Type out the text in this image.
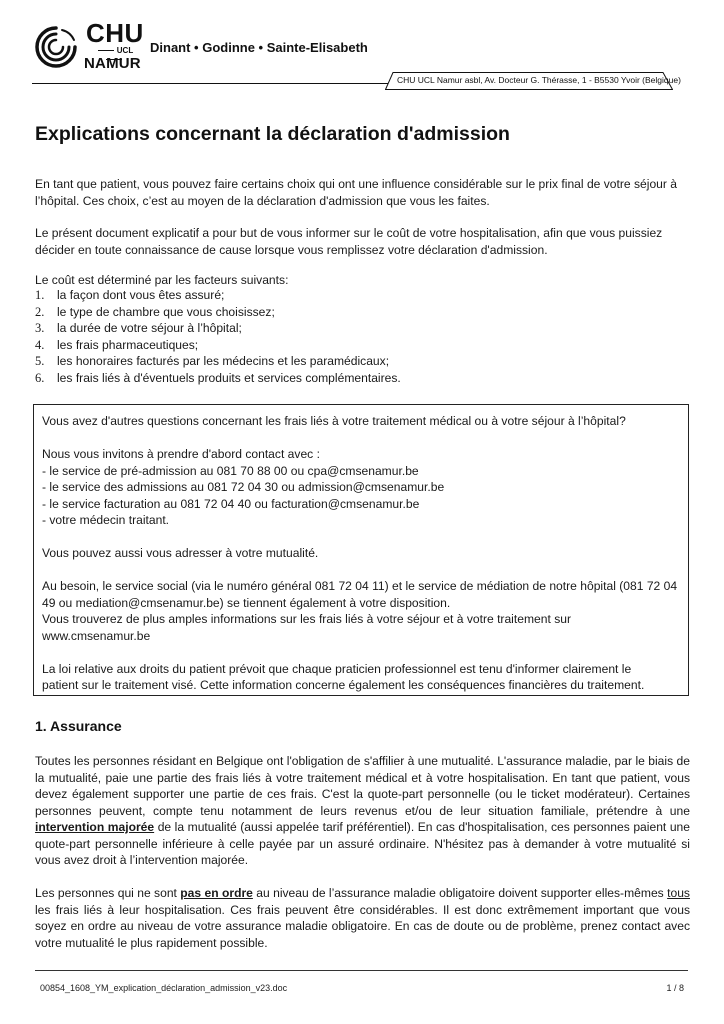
CHU
UCL
NAMUR
Dinant • Godinne • Sainte-Elisabeth
CHU UCL Namur asbl, Av. Docteur G. Thérasse, 1 - B5530 Yvoir (Belgique)
Explications concernant la déclaration d'admission

En tant que patient, vous pouvez faire certains choix qui ont une influence considérable sur le prix final de votre séjour à l’hôpital. Ces choix, c’est au moyen de la déclaration d'admission que vous les faites.

Le présent document explicatif a pour but de vous informer sur le coût de votre hospitalisation, afin que vous puissiez décider en toute connaissance de cause lorsque vous remplissez votre déclaration d'admission.

Le coût est déterminé par les facteurs suivants:

1. la façon dont vous êtes assuré;
2. le type de chambre que vous choisissez;
3. la durée de votre séjour à l’hôpital;
4. les frais pharmaceutiques;
5. les honoraires facturés par les médecins et les paramédicaux;
6. les frais liés à d'éventuels produits et services complémentaires.
Vous avez d'autres questions concernant les frais liés à votre traitement médical ou à votre séjour à l’hôpital?
Nous vous invitons à prendre d'abord contact avec :
- le service de pré-admission au 081 70 88 00 ou cpa@cmsenamur.be
- le service des admissions au 081 72 04 30 ou admission@cmsenamur.be
- le service facturation au 081 72 04 40 ou facturation@cmsenamur.be
- votre médecin traitant.
Vous pouvez aussi vous adresser à votre mutualité.
Au besoin, le service social (via le numéro général 081 72 04 11) et le service de médiation de notre hôpital (081 72 04
49 ou mediation@cmsenamur.be) se tiennent également à votre disposition.
Vous trouverez de plus amples informations sur les frais liés à votre séjour et à votre traitement sur
www.cmsenamur.be
La loi relative aux droits du patient prévoit que chaque praticien professionnel est tenu d'informer clairement le
patient sur le traitement visé. Cette information concerne également les conséquences financières du traitement.
1. Assurance

Toutes les personnes résidant en Belgique ont l'obligation de s'affilier à une mutualité. L'assurance maladie, par le biais de la mutualité, paie une partie des frais liés à votre traitement médical et à votre hospitalisation. En tant que patient, vous devez également supporter une partie de ces frais. C'est la quote-part personnelle (ou le ticket modérateur). Certaines personnes peuvent, compte tenu notamment de leurs revenus et/ou de leur situation familiale, prétendre à une intervention majorée de la mutualité (aussi appelée tarif préférentiel). En cas d'hospitalisation, ces personnes paient une quote-part personnelle inférieure à celle payée par un assuré ordinaire. N'hésitez pas à demander à votre mutualité si vous avez droit à l’intervention majorée.

Les personnes qui ne sont pas en ordre au niveau de l’assurance maladie obligatoire doivent supporter elles-mêmes tous les frais liés à leur hospitalisation. Ces frais peuvent être considérables. Il est donc extrêmement important que vous soyez en ordre au niveau de votre assurance maladie obligatoire. En cas de doute ou de problème, prenez contact avec votre mutualité le plus rapidement possible.

00854_1608_YM_explication_déclaration_admission_v23.doc	1 / 8
